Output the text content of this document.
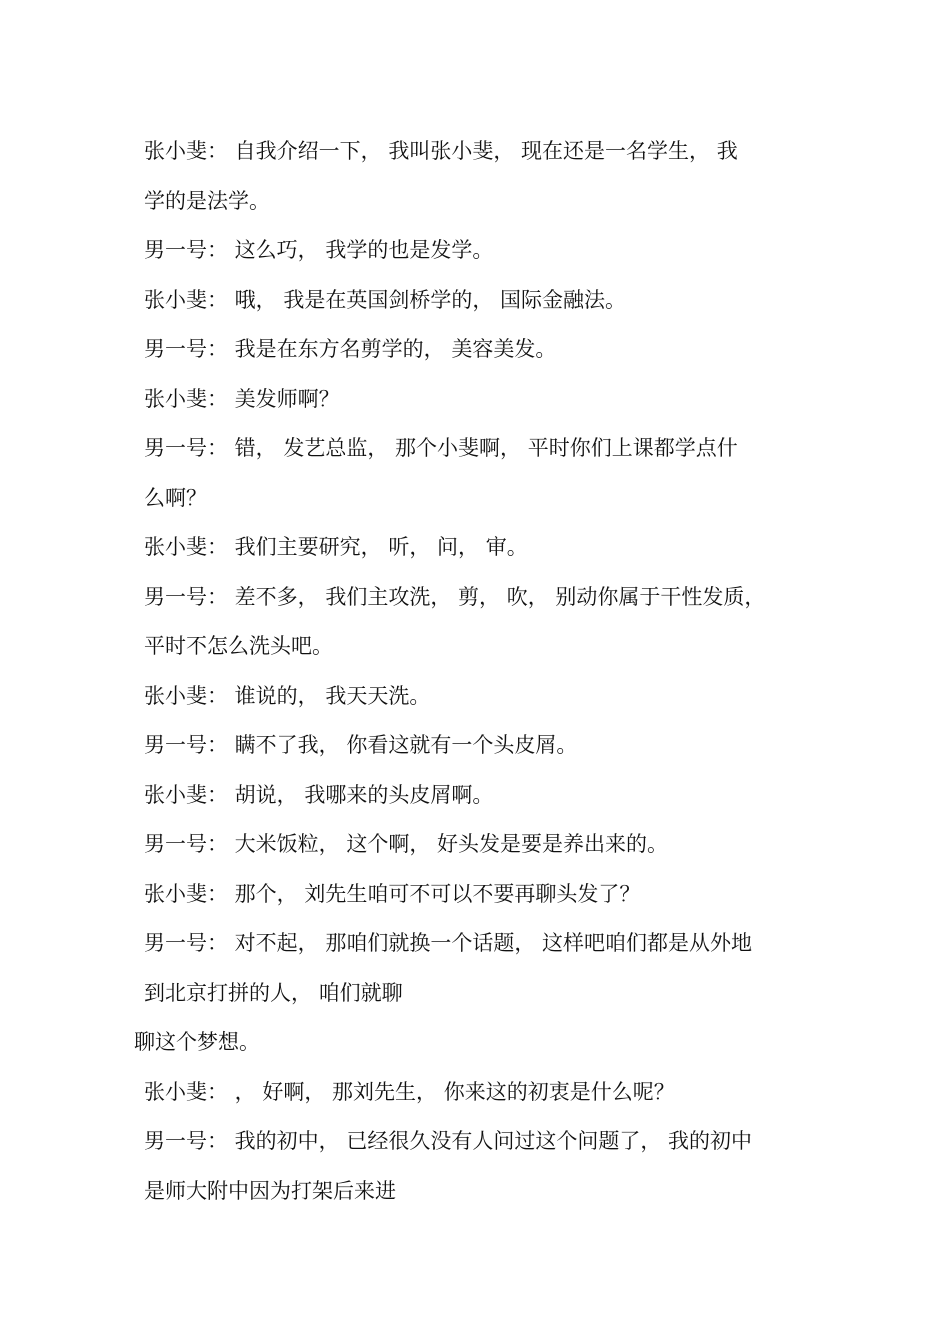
张小斐： 自我介绍一下， 我叫张小斐， 现在还是一名学生， 我
学的是法学。
男一号： 这么巧， 我学的也是发学。
张小斐： 哦， 我是在英国剑桥学的， 国际金融法。
男一号： 我是在东方名剪学的， 美容美发。
张小斐： 美发师啊？
男一号： 错， 发艺总监， 那个小斐啊， 平时你们上课都学点什
么啊？
张小斐： 我们主要研究， 听， 问， 审。
男一号： 差不多， 我们主攻洗， 剪， 吹， 别动你属于干性发质，
平时不怎么洗头吧。
张小斐： 谁说的， 我天天洗。
男一号： 瞒不了我， 你看这就有一个头皮屑。
张小斐： 胡说， 我哪来的头皮屑啊。
男一号： 大米饭粒， 这个啊， 好头发是要是养出来的。
张小斐： 那个， 刘先生咱可不可以不要再聊头发了？
男一号： 对不起， 那咱们就换一个话题， 这样吧咱们都是从外地
到北京打拼的人， 咱们就聊
聊这个梦想。
张小斐： ， 好啊， 那刘先生， 你来这的初衷是什么呢？
男一号： 我的初中， 已经很久没有人问过这个问题了， 我的初中
是师大附中因为打架后来进
